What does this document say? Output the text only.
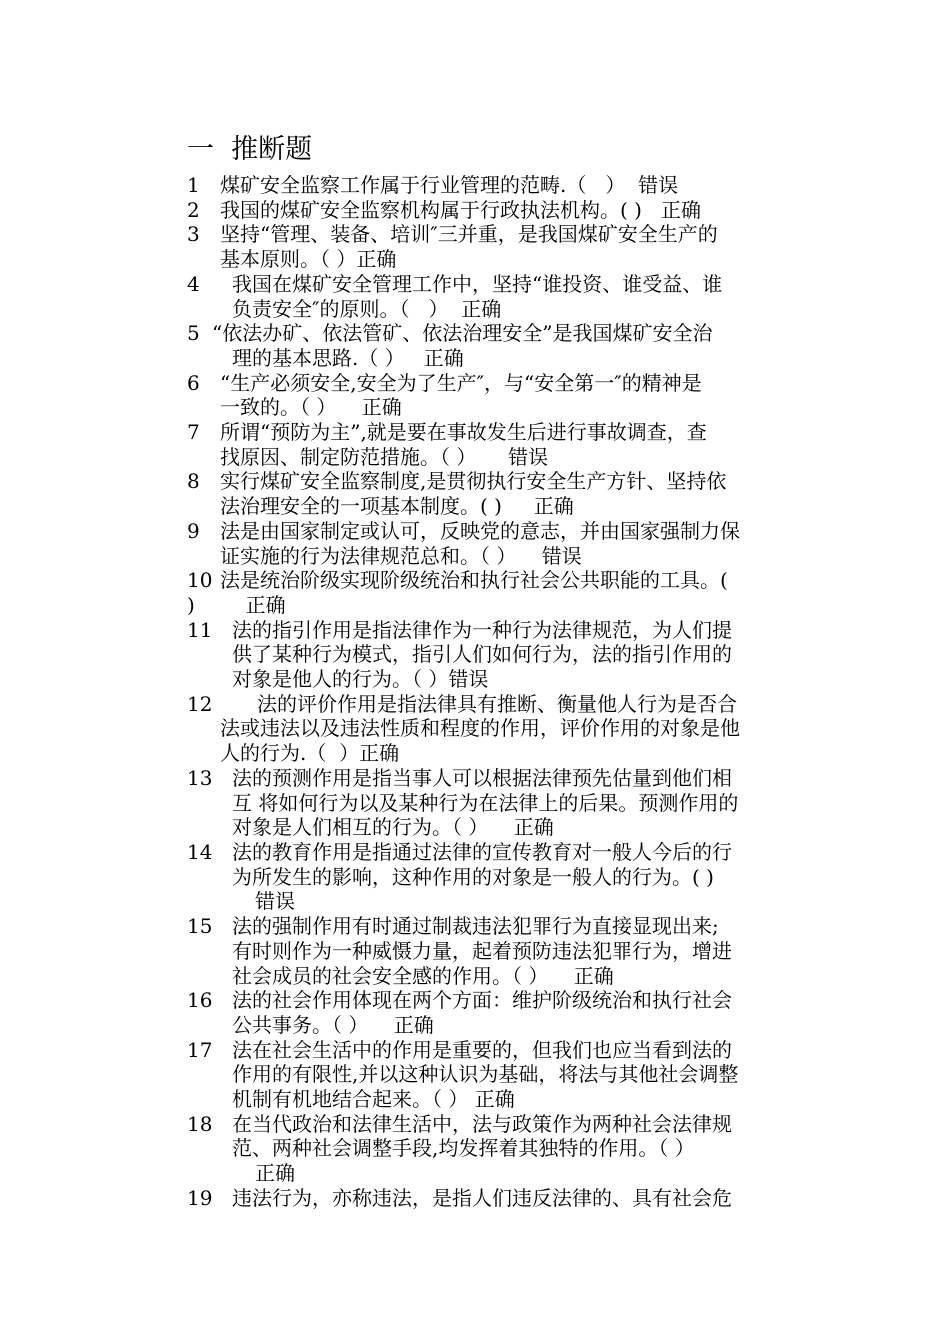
一  推断题
1	煤矿安全监察工作属于行业管理的范畴.（   ）  错误
2	我国的煤矿安全监察机构属于行政执法机构。( )   正确
3	坚持“管理、装备、培训″三并重，是我国煤矿安全生产的
基本原则。（ ）正确
4	我国在煤矿安全管理工作中，坚持“谁投资、谁受益、谁
负责安全″的原则。（   ）  正确
5 “依法办矿、依法管矿、依法治理安全”是我国煤矿安全治
理的基本思路.（ ）   正确
6	“生产必须安全,安全为了生产″，与“安全第一″的精神是
一致的。（ ）    正确
7	所谓“预防为主”,就是要在事故发生后进行事故调查，查
找原因、制定防范措施。（ ）     错误
8	实行煤矿安全监察制度,是贯彻执行安全生产方针、坚持依
法治理安全的一项基本制度。( )     正确
9	法是由国家制定或认可，反映党的意志，并由国家强制力保
证实施的行为法律规范总和。（ ）    错误
10 法是统治阶级实现阶级统治和执行社会公共职能的工具。(
)        正确
11 法的指引作用是指法律作为一种行为法律规范，为人们提
供了某种行为模式，指引人们如何行为，法的指引作用的
对象是他人的行为。（ ）错误
12	法的评价作用是指法律具有推断、衡量他人行为是否合
法或违法以及违法性质和程度的作用，评价作用的对象是他
人的行为.（  ）正确
13 法的预测作用是指当事人可以根据法律预先估量到他们相
互 将如何行为以及某种行为在法律上的后果。预测作用的
对象是人们相互的行为。（ ）    正确
14 法的教育作用是指通过法律的宣传教育对一般人今后的行
为所发生的影响，这种作用的对象是一般人的行为。( )
错误
15 法的强制作用有时通过制裁违法犯罪行为直接显现出来;
有时则作为一种威慑力量，起着预防违法犯罪行为，增进
社会成员的社会安全感的作用。（ ）    正确
16 法的社会作用体现在两个方面：维护阶级统治和执行社会
公共事务。（ ）    正确
17 法在社会生活中的作用是重要的，但我们也应当看到法的
作用的有限性,并以这种认识为基础，将法与其他社会调整
机制有机地结合起来。（ ） 正确
18 在当代政治和法律生活中，法与政策作为两种社会法律规
范、两种社会调整手段,均发挥着其独特的作用。（ ）
正确
19 违法行为，亦称违法，是指人们违反法律的、具有社会危
